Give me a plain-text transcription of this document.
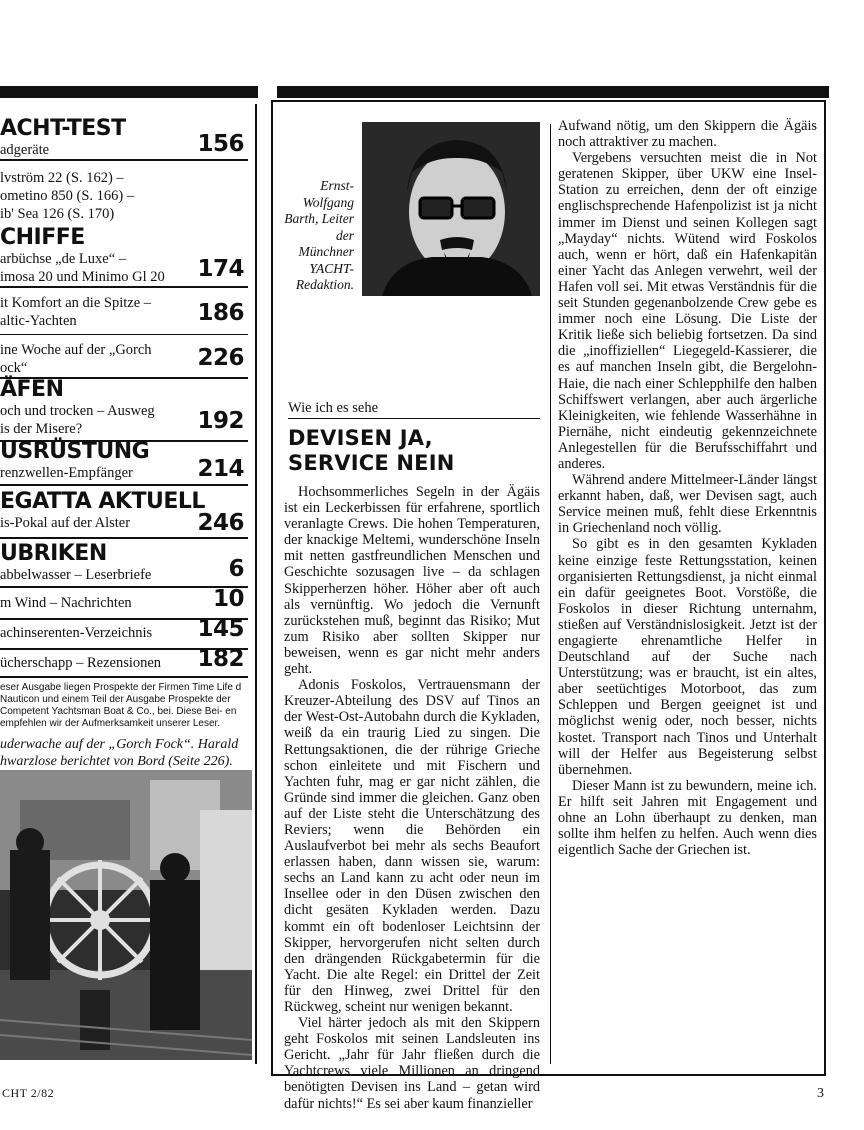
ACHT-TEST
adgeräte	156
lvström 22 (S. 162) –
ometino 850 (S. 166) –
ib' Sea 126 (S. 170)
CHIFFE
arbüchse „de Luxe“ –
imosa 20 und Minimo Gl 20	174
it Komfort an die Spitze –
altic-Yachten	186
ine Woche auf der „Gorch
ock“	226
ÄFEN
och und trocken – Ausweg
is der Misere?	192
USRÜSTUNG
renzwellen-Empfänger	214
EGATTA AKTUELL
is-Pokal auf der Alster	246
UBRIKEN
abbelwasser – Leserbriefe	6
m Wind – Nachrichten	10
achinserenten-Verzeichnis	145
ücherschapp – Rezensionen	182
eser Ausgabe liegen Prospekte der Firmen Time Life d Nauticon und einem Teil der Ausgabe Prospekte der Competent Yachtsman Boat & Co., bei. Diese Bei- en empfehlen wir der Aufmerksamkeit unserer Leser.
uderwache auf der „Gorch Fock“. Harald hwarzlose berichtet von Bord (Seite 226).
CHT 2/82
Ernst-Wolfgang Barth, Leiter der Münchner YACHT-Redaktion.
Wie ich es sehe
DEVISEN JA,
SERVICE NEIN

Hochsommerliches Segeln in der Ägäis ist ein Leckerbissen für erfahrene, sportlich veranlagte Crews. Die hohen Temperaturen, der knackige Meltemi, wunderschöne Inseln mit netten gastfreundlichen Menschen und Geschichte sozusagen live – da schlagen Skipperherzen höher. Höher aber oft auch als vernünftig. Wo jedoch die Vernunft zurückstehen muß, beginnt das Risiko; Mut zum Risiko aber sollten Skipper nur beweisen, wenn es gar nicht mehr anders geht.

Adonis Foskolos, Vertrauensmann der Kreuzer-Abteilung des DSV auf Tinos an der West-Ost-Autobahn durch die Kykladen, weiß da ein traurig Lied zu singen. Die Rettungsaktionen, die der rührige Grieche schon einleitete und mit Fischern und Yachten fuhr, mag er gar nicht zählen, die Gründe sind immer die gleichen. Ganz oben auf der Liste steht die Unterschätzung des Reviers; wenn die Behörden ein Auslaufverbot bei mehr als sechs Beaufort erlassen haben, dann wissen sie, warum: sechs an Land kann zu acht oder neun im Insellee oder in den Düsen zwischen den dicht gesäten Kykladen werden. Dazu kommt ein oft bodenloser Leichtsinn der Skipper, hervorgerufen nicht selten durch den drängenden Rückgabetermin für die Yacht. Die alte Regel: ein Drittel der Zeit für den Hinweg, zwei Drittel für den Rückweg, scheint nur wenigen bekannt.

Viel härter jedoch als mit den Skippern geht Foskolos mit seinen Landsleuten ins Gericht. „Jahr für Jahr fließen durch die Yachtcrews viele Millionen an dringend benötigten Devisen ins Land – getan wird dafür nichts!“ Es sei aber kaum finanzieller

Aufwand nötig, um den Skippern die Ägäis noch attraktiver zu machen.

Vergebens versuchten meist die in Not geratenen Skipper, über UKW eine Insel-Station zu erreichen, denn der oft einzige englischsprechende Hafenpolizist ist ja nicht immer im Dienst und seinen Kollegen sagt „Mayday“ nichts. Wütend wird Foskolos auch, wenn er hört, daß ein Hafenkapitän einer Yacht das Anlegen verwehrt, weil der Hafen voll sei. Mit etwas Verständnis für die seit Stunden gegenanbolzende Crew gebe es immer noch eine Lösung. Die Liste der Kritik ließe sich beliebig fortsetzen. Da sind die „inoffiziellen“ Liegegeld-Kassierer, die es auf manchen Inseln gibt, die Bergelohn-Haie, die nach einer Schlepphilfe den halben Schiffswert verlangen, aber auch ärgerliche Kleinigkeiten, wie fehlende Wasserhähne in Piernähe, nicht eindeutig gekennzeichnete Anlegestellen für die Berufsschiffahrt und anderes.

Während andere Mittelmeer-Länder längst erkannt haben, daß, wer Devisen sagt, auch Service meinen muß, fehlt diese Erkenntnis in Griechenland noch völlig.

So gibt es in den gesamten Kykladen keine einzige feste Rettungsstation, keinen organisierten Rettungsdienst, ja nicht einmal ein dafür geeignetes Boot. Vorstöße, die Foskolos in dieser Richtung unternahm, stießen auf Verständnislosigkeit. Jetzt ist der engagierte ehrenamtliche Helfer in Deutschland auf der Suche nach Unterstützung; was er braucht, ist ein altes, aber seetüchtiges Motorboot, das zum Schleppen und Bergen geeignet ist und möglichst wenig oder, noch besser, nichts kostet. Transport nach Tinos und Unterhalt will der Helfer aus Begeisterung selbst übernehmen.

Dieser Mann ist zu bewundern, meine ich. Er hilft seit Jahren mit Engagement und ohne an Lohn überhaupt zu denken, man sollte ihm helfen zu helfen. Auch wenn dies eigentlich Sache der Griechen ist.

3
